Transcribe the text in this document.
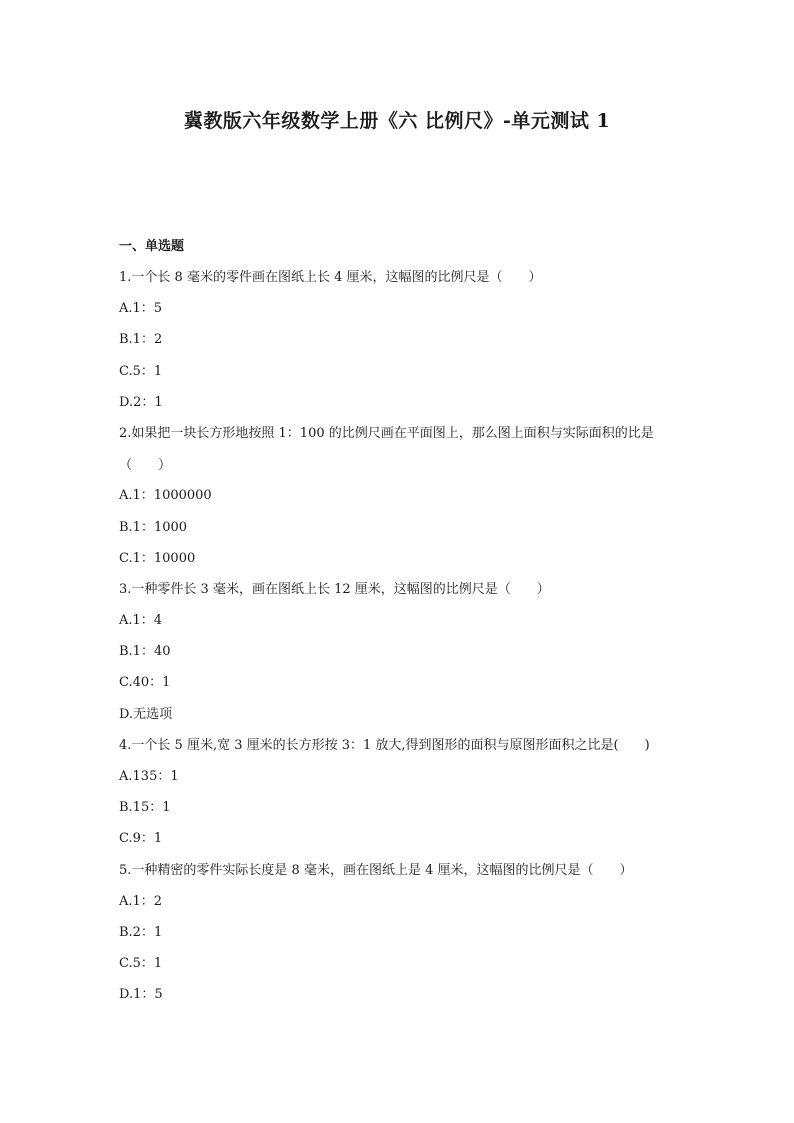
冀教版六年级数学上册《六 比例尺》-单元测试 1
一、单选题
1.一个长 8 毫米的零件画在图纸上长 4 厘米，这幅图的比例尺是（　　）
A.1：5
B.1：2
C.5：1
D.2：1
2.如果把一块长方形地按照 1：100 的比例尺画在平面图上，那么图上面积与实际面积的比是（　　）
A.1：1000000
B.1：1000
C.1：10000
3.一种零件长 3 毫米，画在图纸上长 12 厘米，这幅图的比例尺是（　　）
A.1：4
B.1：40
C.40：1
D.无选项
4.一个长 5 厘米,宽 3 厘米的长方形按 3：1 放大,得到图形的面积与原图形面积之比是(　　)
A.135：1
B.15：1
C.9：1
5.一种精密的零件实际长度是 8 毫米，画在图纸上是 4 厘米，这幅图的比例尺是（　　）
A.1：2
B.2：1
C.5：1
D.1：5
